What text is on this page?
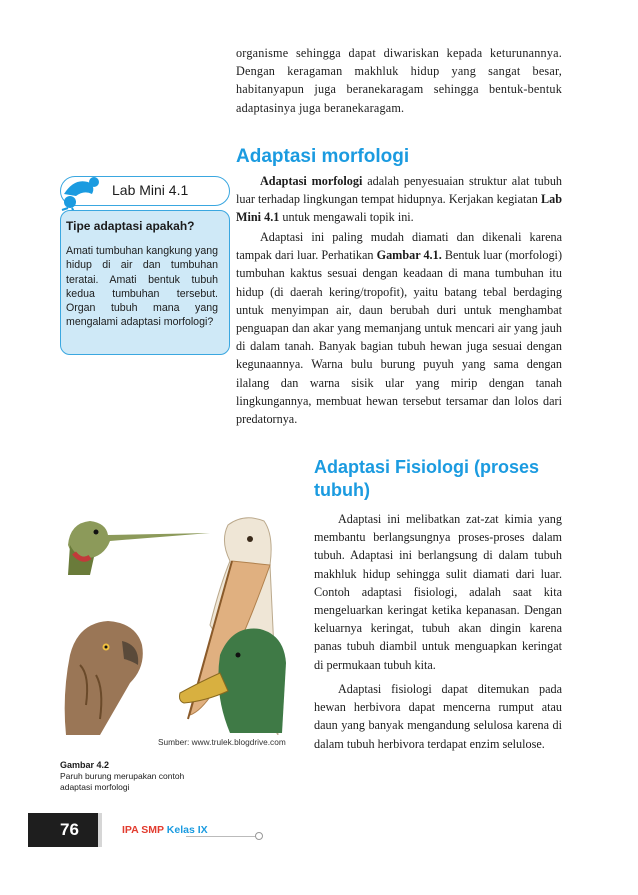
organisme sehingga dapat diwariskan kepada keturunannya. Dengan keragaman makhluk hidup yang sangat besar, habitanyapun juga beranekaragam sehingga bentuk-bentuk adaptasinya juga beranekaragam.
Adaptasi morfologi
Adaptasi morfologi adalah penyesuaian struktur alat tubuh luar terhadap lingkungan tempat hidupnya. Kerjakan kegiatan Lab Mini 4.1 untuk mengawali topik ini.
Adaptasi ini paling mudah diamati dan dikenali karena tampak dari luar. Perhatikan Gambar 4.1. Bentuk luar (morfologi) tumbuhan kaktus sesuai dengan keadaan di mana tumbuhan itu hidup (di daerah kering/tropofit), yaitu batang tebal berdaging untuk menyimpan air, daun berubah duri untuk menghambat penguapan dan akar yang memanjang untuk mencari air yang jauh di dalam tanah. Banyak bagian tubuh hewan juga sesuai dengan kegunaannya. Warna bulu burung puyuh yang sama dengan ilalang dan warna sisik ular yang mirip dengan tanah lingkungannya, membuat hewan tersebut tersamar dan lolos dari predatornya.
Lab Mini 4.1
Tipe adaptasi apakah?
Amati tumbuhan kangkung yang hidup di air dan tumbuhan teratai. Amati bentuk tubuh kedua tumbuhan tersebut. Organ tubuh mana yang mengalami adaptasi morfologi?
Sumber: www.trulek.blogdrive.com
Gambar 4.2
Paruh burung merupakan contoh adaptasi morfologi
Adaptasi Fisiologi (proses tubuh)
Adaptasi ini melibatkan zat-zat kimia yang membantu berlangsungnya proses-proses dalam tubuh. Adaptasi ini berlangsung di dalam tubuh makhluk hidup sehingga sulit diamati dari luar. Contoh adaptasi fisiologi, adalah saat kita mengeluarkan keringat ketika kepanasan. Dengan keluarnya keringat, tubuh akan dingin karena panas tubuh diambil untuk menguapkan keringat di permukaan tubuh kita.
Adaptasi fisiologi dapat ditemukan pada hewan herbivora dapat mencerna rumput atau daun yang banyak mengandung selulosa karena di dalam tubuh herbivora terdapat enzim selulose.
76	IPA SMP Kelas IX
